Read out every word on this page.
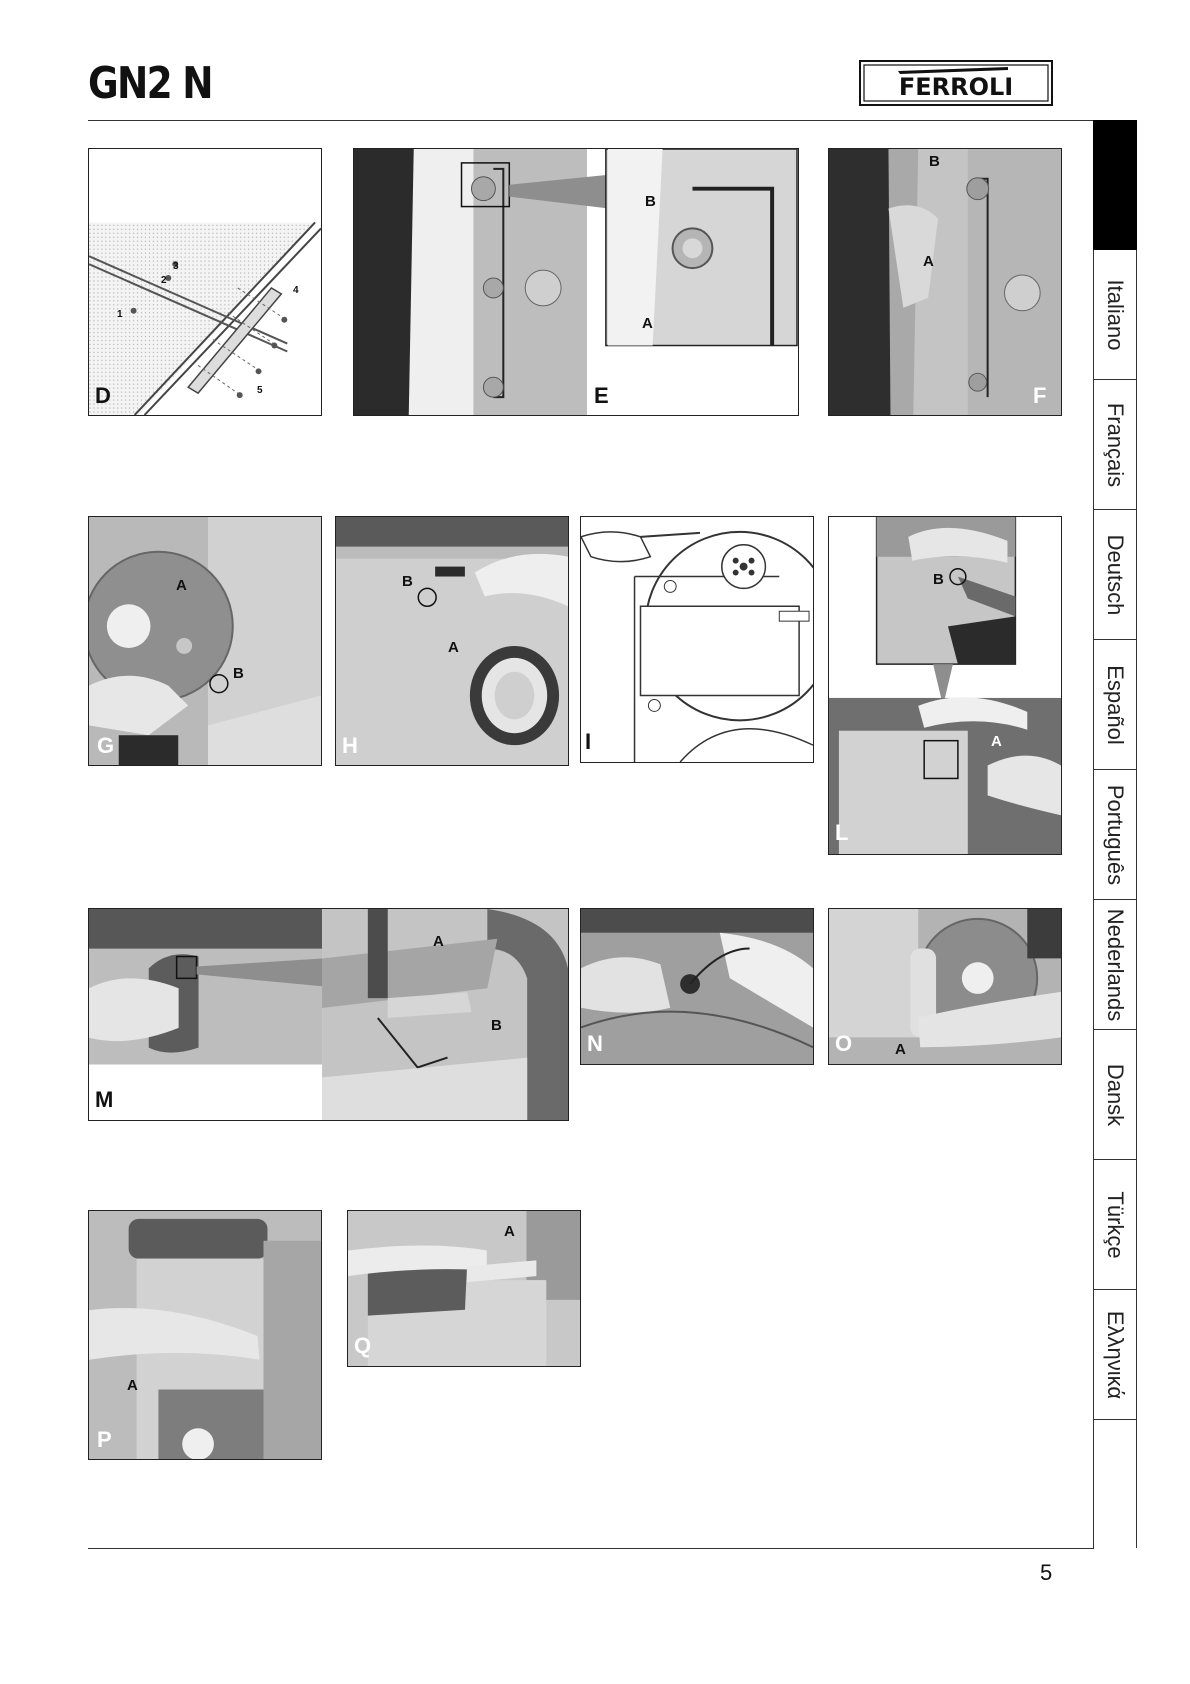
GN2 N	FERROLI
Italiano
Français
Deutsch
Español
Português
Nederlands
Dansk
Türkçe
Ελληνικά
3
2
1
4
5
D
B
A
E
B
A
F
A
B
G
B
A
H	I
B
A
L
A
B
M
N	A
O
A
P
A
Q
5
